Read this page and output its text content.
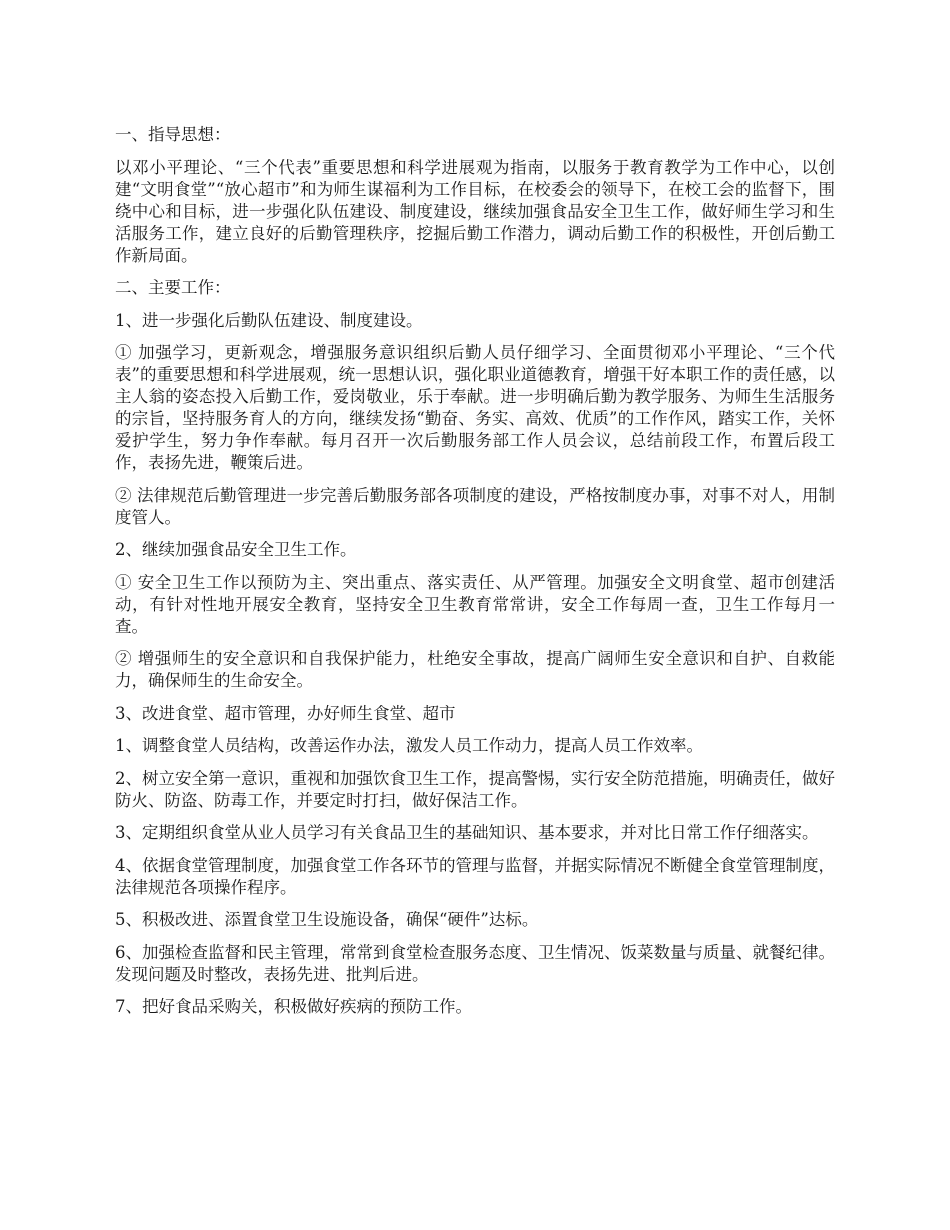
一、指导思想：

以邓小平理论、“三个代表”重要思想和科学进展观为指南，以服务于教育教学为工作中心，以创建“文明食堂”“放心超市”和为师生谋福利为工作目标，在校委会的领导下，在校工会的监督下，围绕中心和目标，进一步强化队伍建设、制度建设，继续加强食品安全卫生工作，做好师生学习和生活服务工作，建立良好的后勤管理秩序，挖掘后勤工作潜力，调动后勤工作的积极性，开创后勤工作新局面。

二、主要工作：

1、进一步强化后勤队伍建设、制度建设。

① 加强学习，更新观念，增强服务意识组织后勤人员仔细学习、全面贯彻邓小平理论、“三个代表”的重要思想和科学进展观，统一思想认识，强化职业道德教育，增强干好本职工作的责任感，以主人翁的姿态投入后勤工作，爱岗敬业，乐于奉献。进一步明确后勤为教学服务、为师生生活服务的宗旨，坚持服务育人的方向，继续发扬“勤奋、务实、高效、优质”的工作作风，踏实工作，关怀爱护学生，努力争作奉献。每月召开一次后勤服务部工作人员会议，总结前段工作，布置后段工作，表扬先进，鞭策后进。

② 法律规范后勤管理进一步完善后勤服务部各项制度的建设，严格按制度办事，对事不对人，用制度管人。

2、继续加强食品安全卫生工作。

① 安全卫生工作以预防为主、突出重点、落实责任、从严管理。加强安全文明食堂、超市创建活动，有针对性地开展安全教育，坚持安全卫生教育常常讲，安全工作每周一查，卫生工作每月一查。

② 增强师生的安全意识和自我保护能力，杜绝安全事故，提高广阔师生安全意识和自护、自救能力，确保师生的生命安全。

3、改进食堂、超市管理，办好师生食堂、超市

1、调整食堂人员结构，改善运作办法，激发人员工作动力，提高人员工作效率。

2、树立安全第一意识，重视和加强饮食卫生工作，提高警惕，实行安全防范措施，明确责任，做好防火、防盗、防毒工作，并要定时打扫，做好保洁工作。

3、定期组织食堂从业人员学习有关食品卫生的基础知识、基本要求，并对比日常工作仔细落实。

4、依据食堂管理制度，加强食堂工作各环节的管理与监督，并据实际情况不断健全食堂管理制度，法律规范各项操作程序。

5、积极改进、添置食堂卫生设施设备，确保“硬件”达标。

6、加强检查监督和民主管理，常常到食堂检查服务态度、卫生情况、饭菜数量与质量、就餐纪律。发现问题及时整改，表扬先进、批判后进。

7、把好食品采购关，积极做好疾病的预防工作。
